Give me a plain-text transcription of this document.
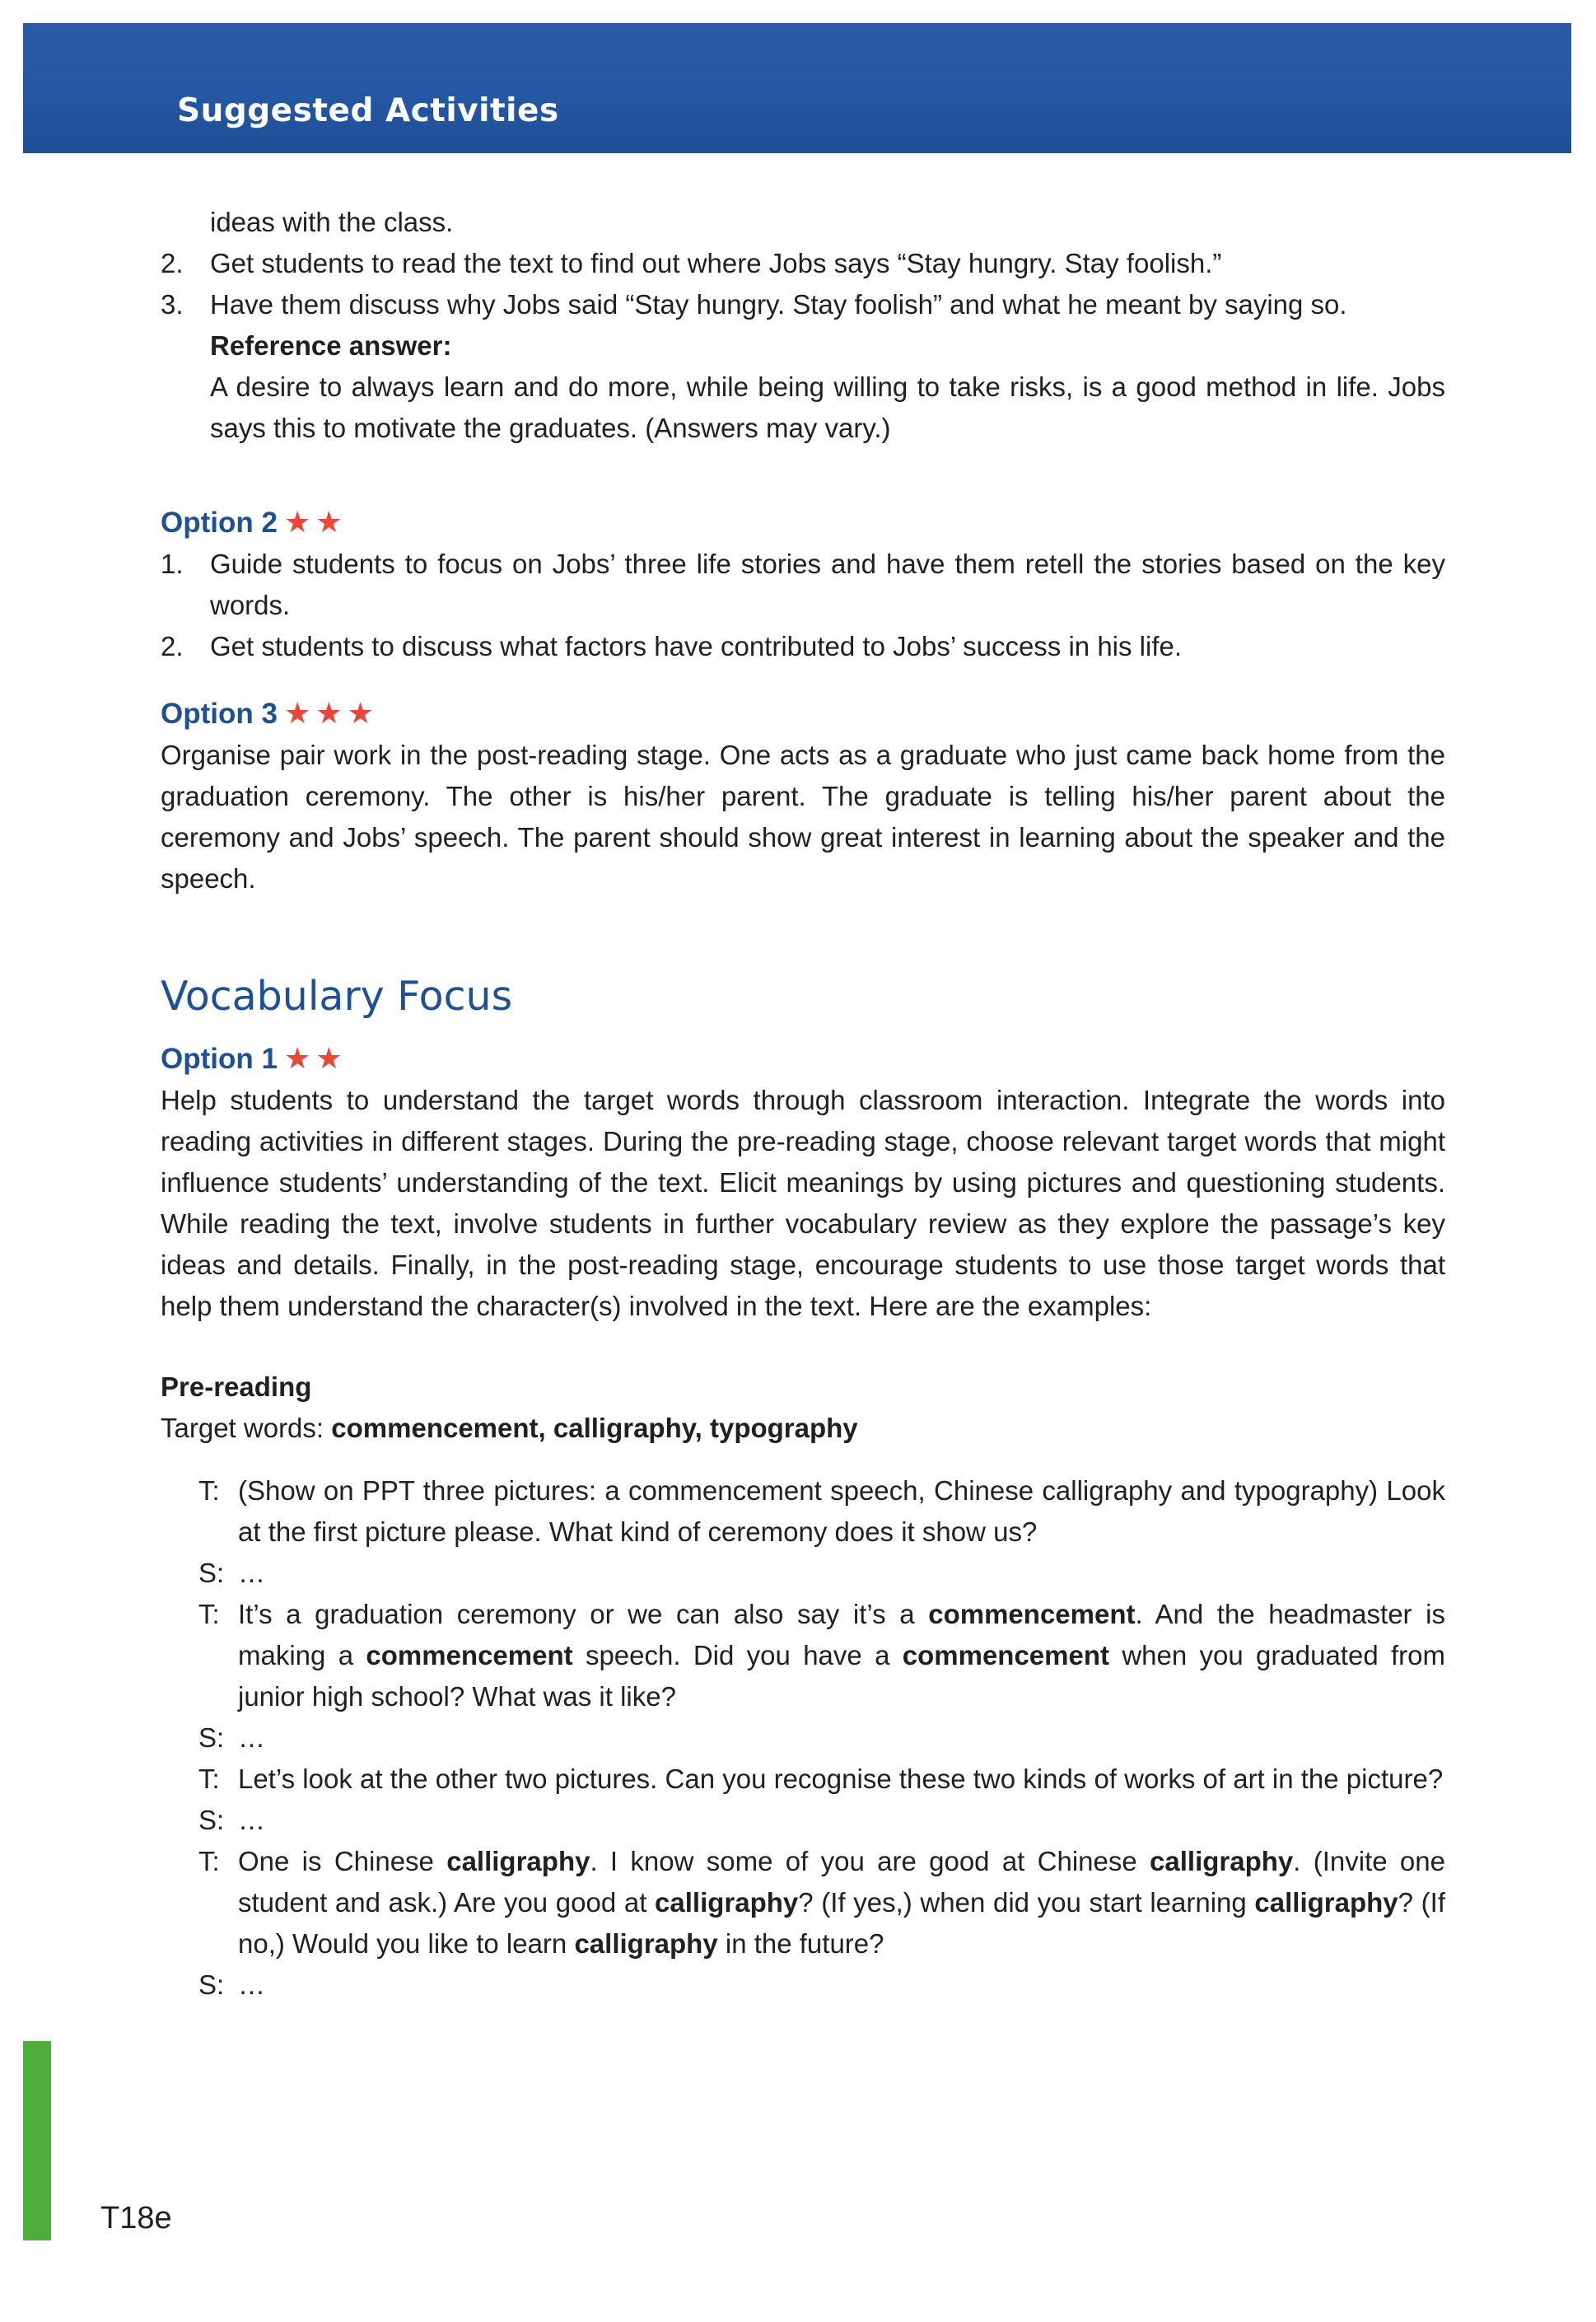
Suggested Activities

ideas with the class.

2. Get students to read the text to find out where Jobs says “Stay hungry. Stay foolish.”
3. Have them discuss why Jobs said “Stay hungry. Stay foolish” and what he meant by saying so.

Reference answer:

A desire to always learn and do more, while being willing to take risks, is a good method in life. Jobs says this to motivate the graduates. (Answers may vary.)

Option 2 ★★

1. Guide students to focus on Jobs’ three life stories and have them retell the stories based on the key words.
2. Get students to discuss what factors have contributed to Jobs’ success in his life.

Option 3 ★★★

Organise pair work in the post-reading stage. One acts as a graduate who just came back home from the graduation ceremony. The other is his/her parent. The graduate is telling his/her parent about the ceremony and Jobs’ speech. The parent should show great interest in learning about the speaker and the speech.

Vocabulary Focus

Option 1 ★★

Help students to understand the target words through classroom interaction. Integrate the words into reading activities in different stages. During the pre-reading stage, choose relevant target words that might influence students’ understanding of the text. Elicit meanings by using pictures and questioning students. While reading the text, involve students in further vocabulary review as they explore the passage’s key ideas and details. Finally, in the post-reading stage, encourage students to use those target words that help them understand the character(s) involved in the text. Here are the examples:

Pre-reading

Target words: commencement, calligraphy, typography

T: (Show on PPT three pictures: a commencement speech, Chinese calligraphy and typography) Look at the first picture please. What kind of ceremony does it show us?
S: …
T: It’s a graduation ceremony or we can also say it’s a commencement. And the headmaster is making a commencement speech. Did you have a commencement when you graduated from junior high school? What was it like?
S: …
T: Let’s look at the other two pictures. Can you recognise these two kinds of works of art in the picture?
S: …
T: One is Chinese calligraphy. I know some of you are good at Chinese calligraphy. (Invite one student and ask.) Are you good at calligraphy? (If yes,) when did you start learning calligraphy? (If no,) Would you like to learn calligraphy in the future?
S: …
T18e
